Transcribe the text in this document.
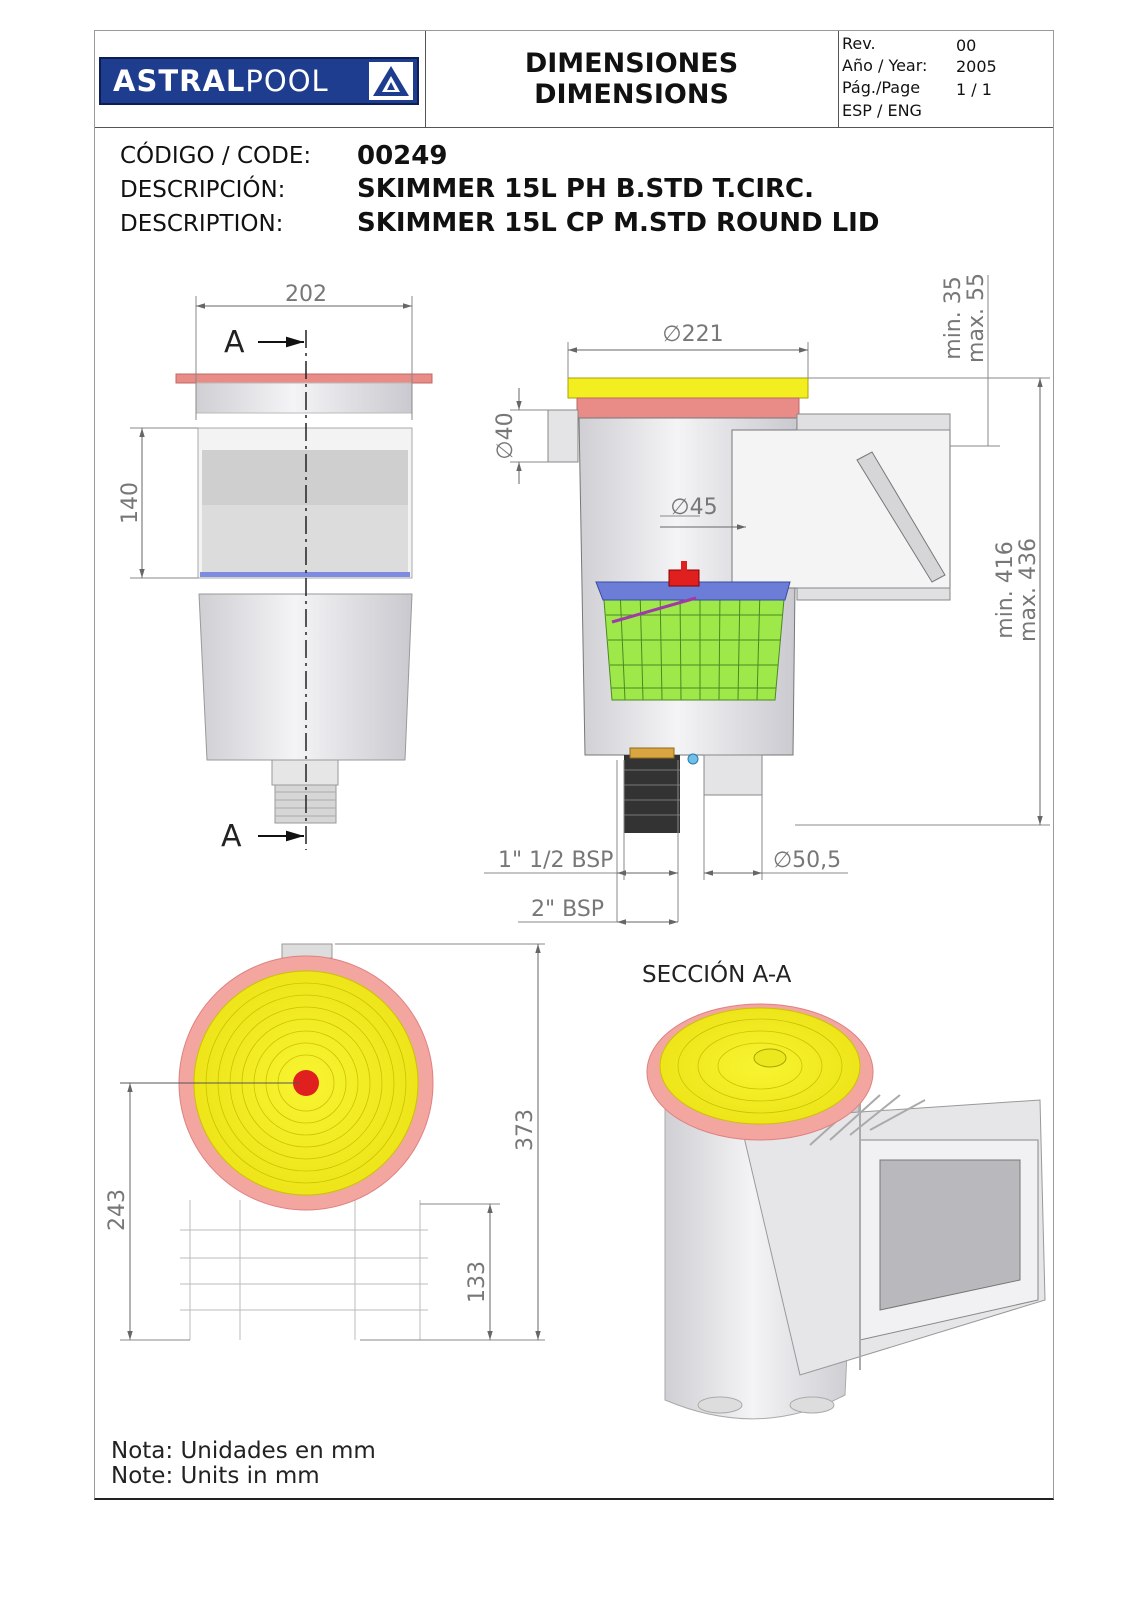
ASTRALPOOL
DIMENSIONES
DIMENSIONS
Rev.	00
Año / Year: 2005
Pág./Page 1 / 1
ESP / ENG
CÓDIGO / CODE: 00249
DESCRIPCIÓN:	SKIMMER 15L PH B.STD T.CIRC.
DESCRIPTION:	SKIMMER 15L CP M.STD ROUND LID
Nota: Unidades en mm
Note: Units in mm
202
140
A
A
∅221
∅40
∅45
min. 35
max. 55
min. 416
max. 436
1" 1/2 BSP	∅50,5
2" BSP
373
243
133
SECCIÓN A-A
